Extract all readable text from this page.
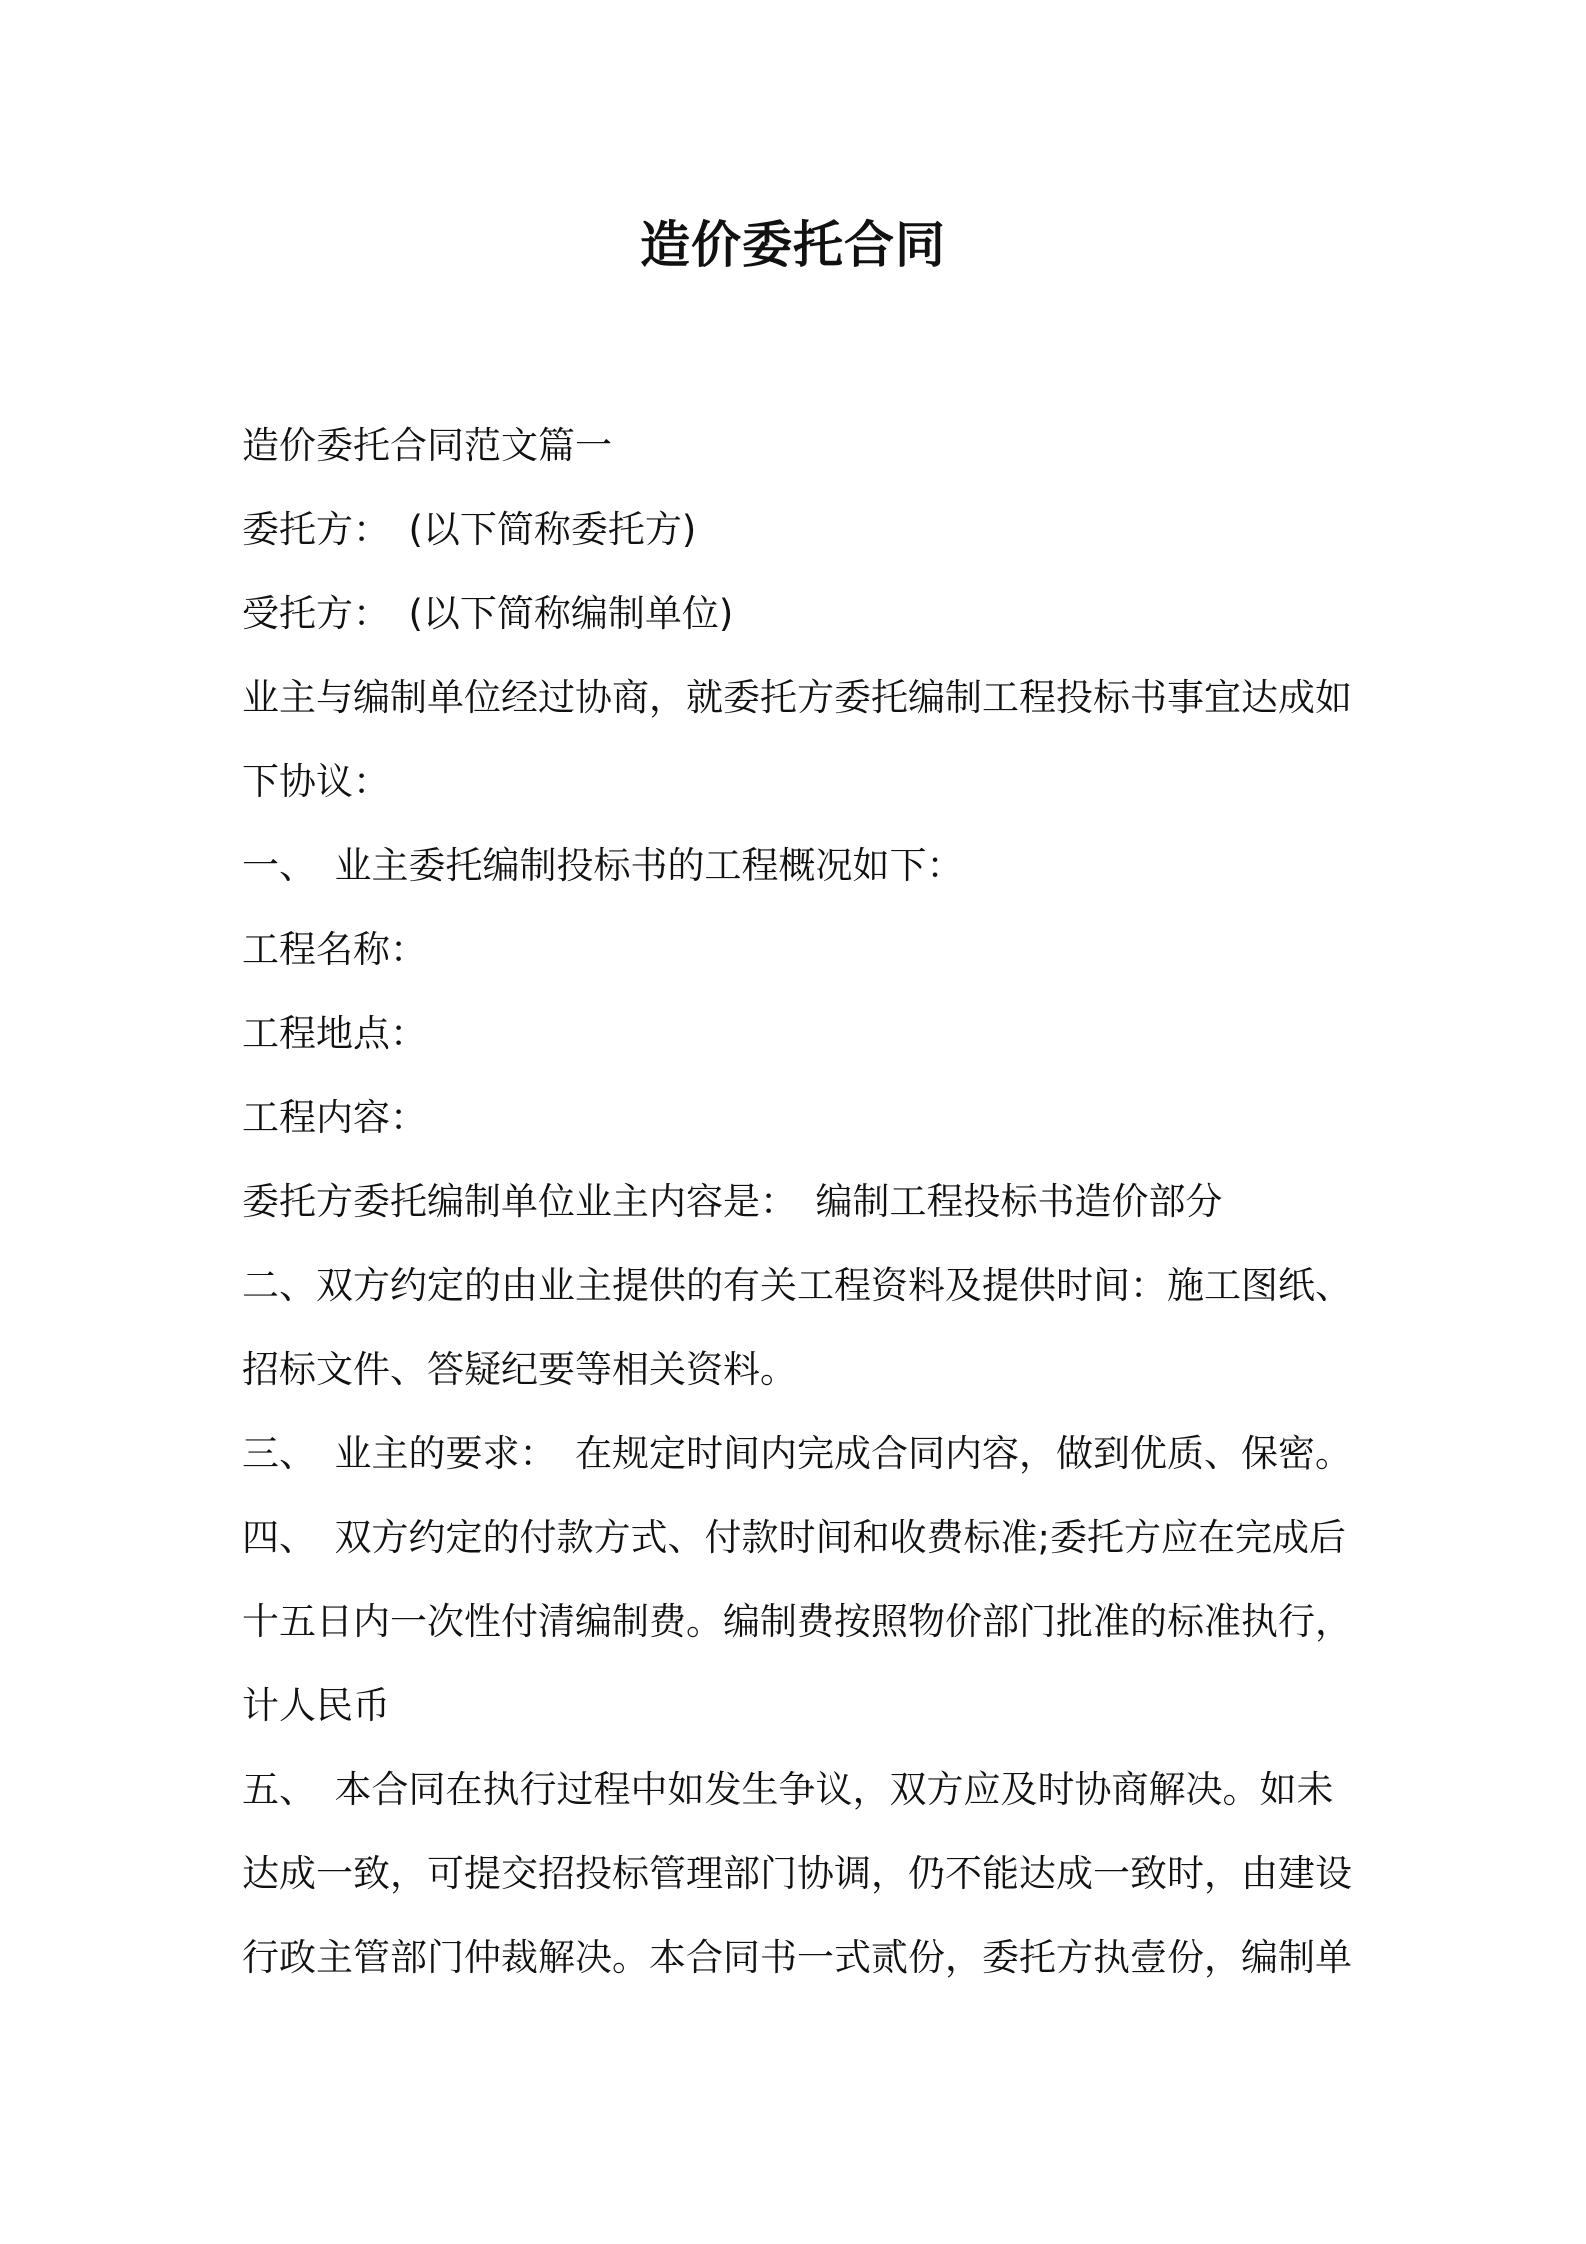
造价委托合同
造价委托合同范文篇一
委托方：　(以下简称委托方)
受托方：　(以下简称编制单位)
业主与编制单位经过协商，就委托方委托编制工程投标书事宜达成如
下协议：
一、　业主委托编制投标书的工程概况如下：
工程名称：
工程地点：
工程内容：
委托方委托编制单位业主内容是：　编制工程投标书造价部分
二、双方约定的由业主提供的有关工程资料及提供时间：施工图纸、
招标文件、答疑纪要等相关资料。
三、　业主的要求：　在规定时间内完成合同内容，做到优质、保密。
四、　双方约定的付款方式、付款时间和收费标准;委托方应在完成后
十五日内一次性付清编制费。编制费按照物价部门批准的标准执行，
计人民币
五、　本合同在执行过程中如发生争议，双方应及时协商解决。如未
达成一致，可提交招投标管理部门协调，仍不能达成一致时，由建设
行政主管部门仲裁解决。本合同书一式贰份，委托方执壹份，编制单
